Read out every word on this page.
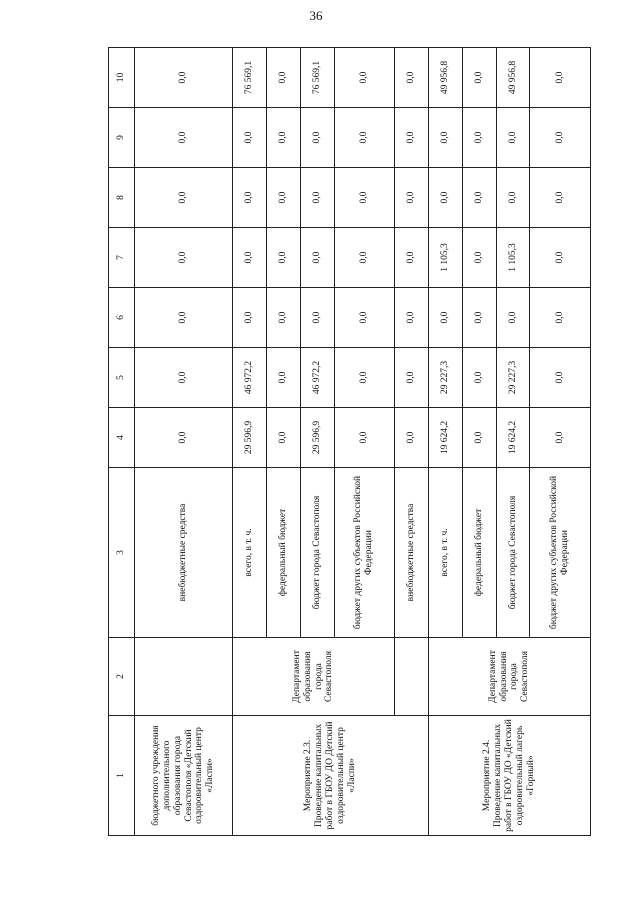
36
1	2	3	4	5	6	7	8	9	10
бюджетного учреждения дополнительного образования города Севастополя «Детский оздоровительный центр «Ласпи»		внебюджетные средства	0,0	0,0	0,0	0,0	0,0	0,0	0,0
Мероприятие 2.3. Проведение капитальных работ в ГБОУ ДО Детский оздоровительный центр «Ласпи»	Департамент образования города Севастополя	всего, в т. ч.	29 596,9	46 972,2	0,0	0,0	0,0	0,0	76 569,1
		федеральный бюджет	0,0	0,0	0,0	0,0	0,0	0,0	0,0
		бюджет города Севастополя	29 596,9	46 972,2	0,0	0,0	0,0	0,0	76 569,1
		бюджет других субъектов Российской Федерации	0,0	0,0	0,0	0,0	0,0	0,0	0,0
		внебюджетные средства	0,0	0,0	0,0	0,0	0,0	0,0	0,0
Мероприятие 2.4. Проведение капитальных работ в ГБОУ ДО «Детский оздоровительный лагерь «Горный»	Департамент образования города Севастополя	всего, в т. ч.	19 624,2	29 227,3	0,0	1 105,3	0,0	0,0	49 956,8
		федеральный бюджет	0,0	0,0	0,0	0,0	0,0	0,0	0,0
		бюджет города Севастополя	19 624,2	29 227,3	0,0	1 105,3	0,0	0,0	49 956,8
		бюджет других субъектов Российской Федерации	0,0	0,0	0,0	0,0	0,0	0,0	0,0
